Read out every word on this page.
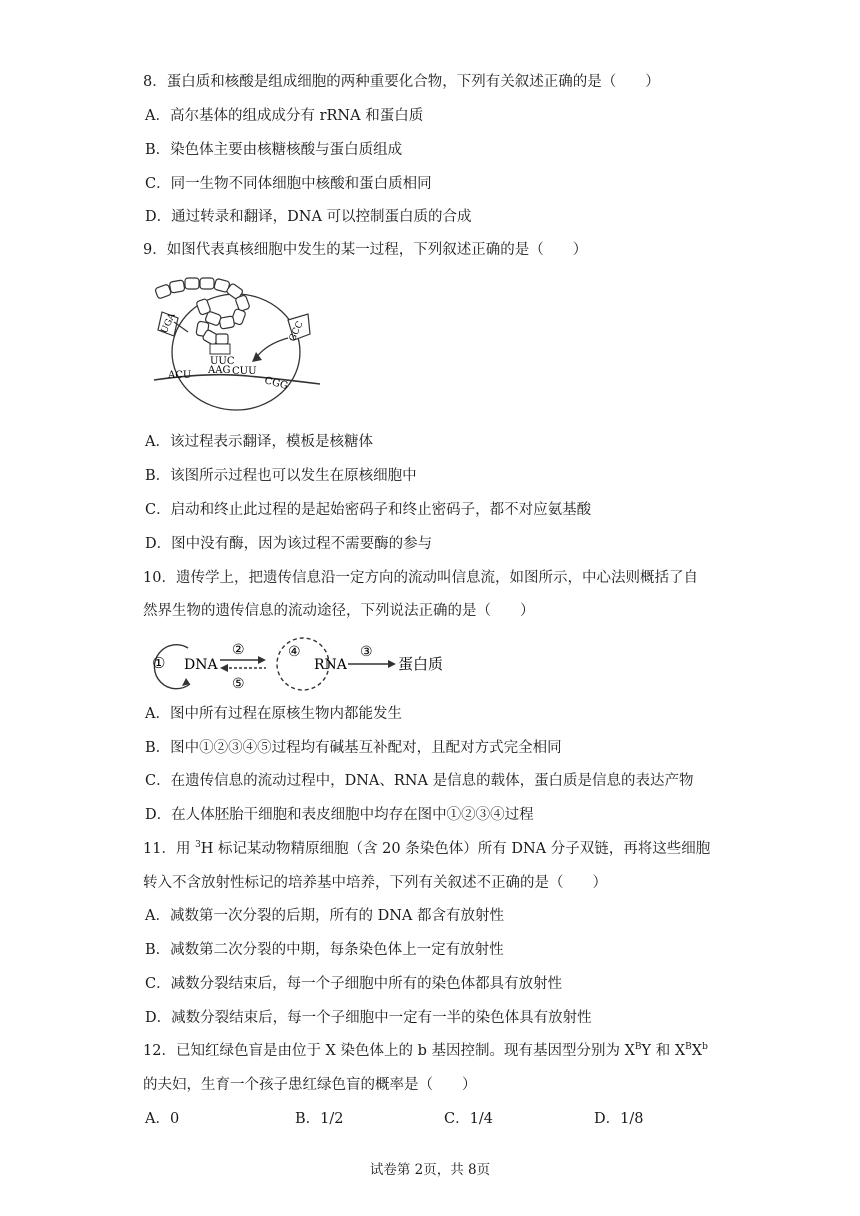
8．蛋白质和核酸是组成细胞的两种重要化合物，下列有关叙述正确的是（　　）
A．高尔基体的组成成分有 rRNA 和蛋白质
B．染色体主要由核糖核酸与蛋白质组成
C．同一生物不同体细胞中核酸和蛋白质相同
D．通过转录和翻译，DNA 可以控制蛋白质的合成
9．如图代表真核细胞中发生的某一过程，下列叙述正确的是（　　）
UGA	GCC
UUC
ACU AAG CUU
CGG
A．该过程表示翻译，模板是核糖体
B．该图所示过程也可以发生在原核细胞中
C．启动和终止此过程的是起始密码子和终止密码子，都不对应氨基酸
D．图中没有酶，因为该过程不需要酶的参与
10．遗传学上，把遗传信息沿一定方向的流动叫信息流，如图所示，中心法则概括了自
然界生物的遗传信息的流动途径，下列说法正确的是（　　）
① DNA
②
⑤
④
RNA
③
蛋白质
A．图中所有过程在原核生物内都能发生
B．图中①②③④⑤过程均有碱基互补配对，且配对方式完全相同
C．在遗传信息的流动过程中，DNA、RNA 是信息的载体，蛋白质是信息的表达产物
D．在人体胚胎干细胞和表皮细胞中均存在图中①②③④过程
11．用 $^3$H 标记某动物精原细胞（含 20 条染色体）所有 DNA 分子双链，再将这些细胞
转入不含放射性标记的培养基中培养，下列有关叙述不正确的是（　　）
A．减数第一次分裂的后期，所有的 DNA 都含有放射性
B．减数第二次分裂的中期，每条染色体上一定有放射性
C．减数分裂结束后，每一个子细胞中所有的染色体都具有放射性
D．减数分裂结束后，每一个子细胞中一定有一半的染色体具有放射性
12．已知红绿色盲是由位于 X 染色体上的 b 基因控制。现有基因型分别为 $X^BY$ 和 $X^BX^b$
的夫妇，生育一个孩子患红绿色盲的概率是（　　）
A．0	B．1/2	C．1/4	D．1/8
试卷第 2页，共 8页
